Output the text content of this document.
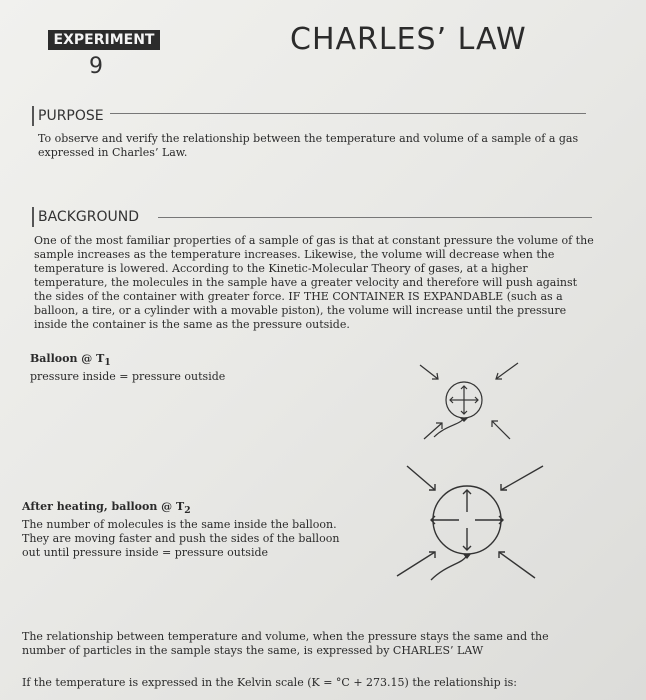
EXPERIMENT
9
CHARLES’ LAW
PURPOSE
To observe and verify the relationship between the temperature and volume of a sample of a gas
expressed in Charles’ Law.
BACKGROUND
One of the most familiar properties of a sample of gas is that at constant pressure the volume of the
sample increases as the temperature increases. Likewise, the volume will decrease when the
temperature is lowered. According to the Kinetic-Molecular Theory of gases, at a higher
temperature, the molecules in the sample have a greater velocity and therefore will push against
the sides of the container with greater force. IF THE CONTAINER IS EXPANDABLE (such as a
balloon, a tire, or a cylinder with a movable piston), the volume will increase until the pressure
inside the container is the same as the pressure outside.
Balloon @ $T_1$
pressure inside = pressure outside
After heating, balloon @ $T_2$
The number of molecules is the same inside the balloon.
They are moving faster and push the sides of the balloon
out until pressure inside = pressure outside
The relationship between temperature and volume, when the pressure stays the same and the
number of particles in the sample stays the same, is expressed by CHARLES’ LAW
If the temperature is expressed in the Kelvin scale (K = °C + 273.15) the relationship is:
